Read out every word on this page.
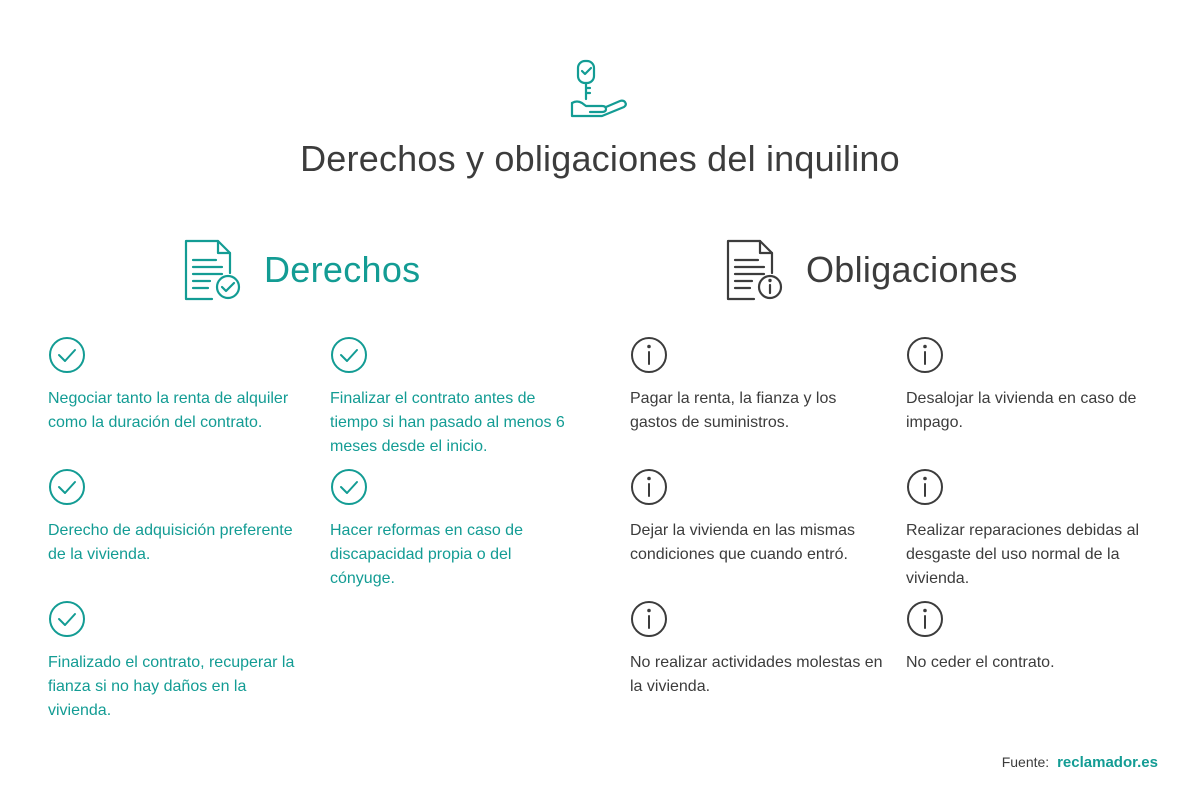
Derechos y obligaciones del inquilino
Derechos	Obligaciones
Negociar tanto la renta de alquiler como la duración del contrato.
Finalizar el contrato antes de tiempo si han pasado al menos 6 meses desde el inicio.
Derecho de adquisición preferente de la vivienda.
Hacer reformas en caso de discapacidad propia o del cónyuge.
Finalizado el contrato, recuperar la fianza si no hay daños en la vivienda.
Pagar la renta, la fianza y los gastos de suministros.
Desalojar la vivienda en caso de impago.
Dejar la vivienda en las mismas condiciones que cuando entró.
Realizar reparaciones debidas al desgaste del uso normal de la vivienda.
No realizar actividades molestas en la vivienda.
No ceder el contrato.
Fuente: reclamador.es
